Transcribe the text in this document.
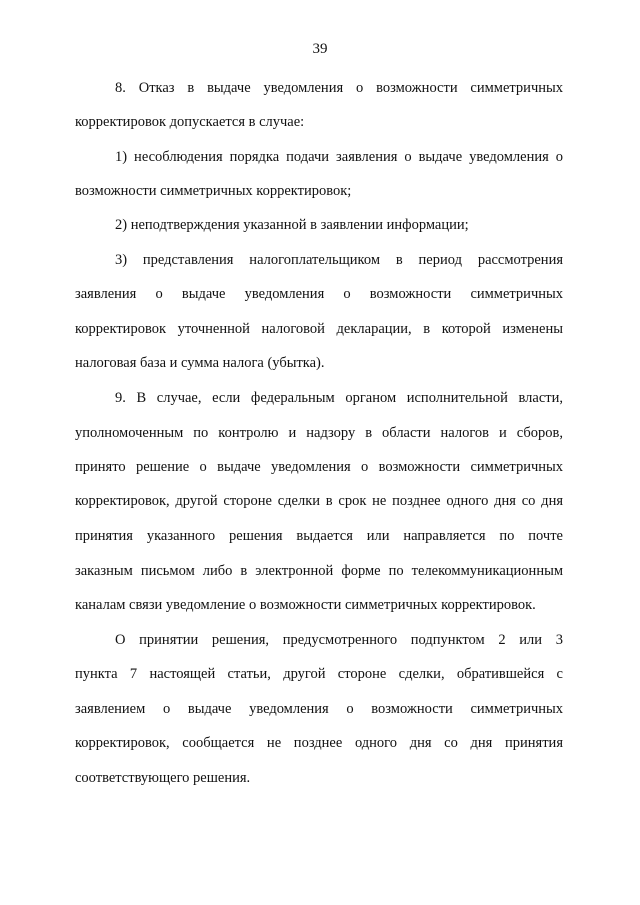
39
8. Отказ в выдаче уведомления о возможности симметричных
корректировок допускается в случае:
1) несоблюдения порядка подачи заявления о выдаче уведомления о
возможности симметричных корректировок;
2) неподтверждения указанной в заявлении информации;
3) представления налогоплательщиком в период рассмотрения
заявления о выдаче уведомления о возможности симметричных
корректировок уточненной налоговой декларации, в которой изменены
налоговая база и сумма налога (убытка).
9. В случае, если федеральным органом исполнительной власти,
уполномоченным по контролю и надзору в области налогов и сборов,
принято решение о выдаче уведомления о возможности симметричных
корректировок, другой стороне сделки в срок не позднее одного дня со дня
принятия указанного решения выдается или направляется по почте
заказным письмом либо в электронной форме по телекоммуникационным
каналам связи уведомление о возможности симметричных корректировок.
О принятии решения, предусмотренного подпунктом 2 или 3
пункта 7 настоящей статьи, другой стороне сделки, обратившейся с
заявлением о выдаче уведомления о возможности симметричных
корректировок, сообщается не позднее одного дня со дня принятия
соответствующего решения.
